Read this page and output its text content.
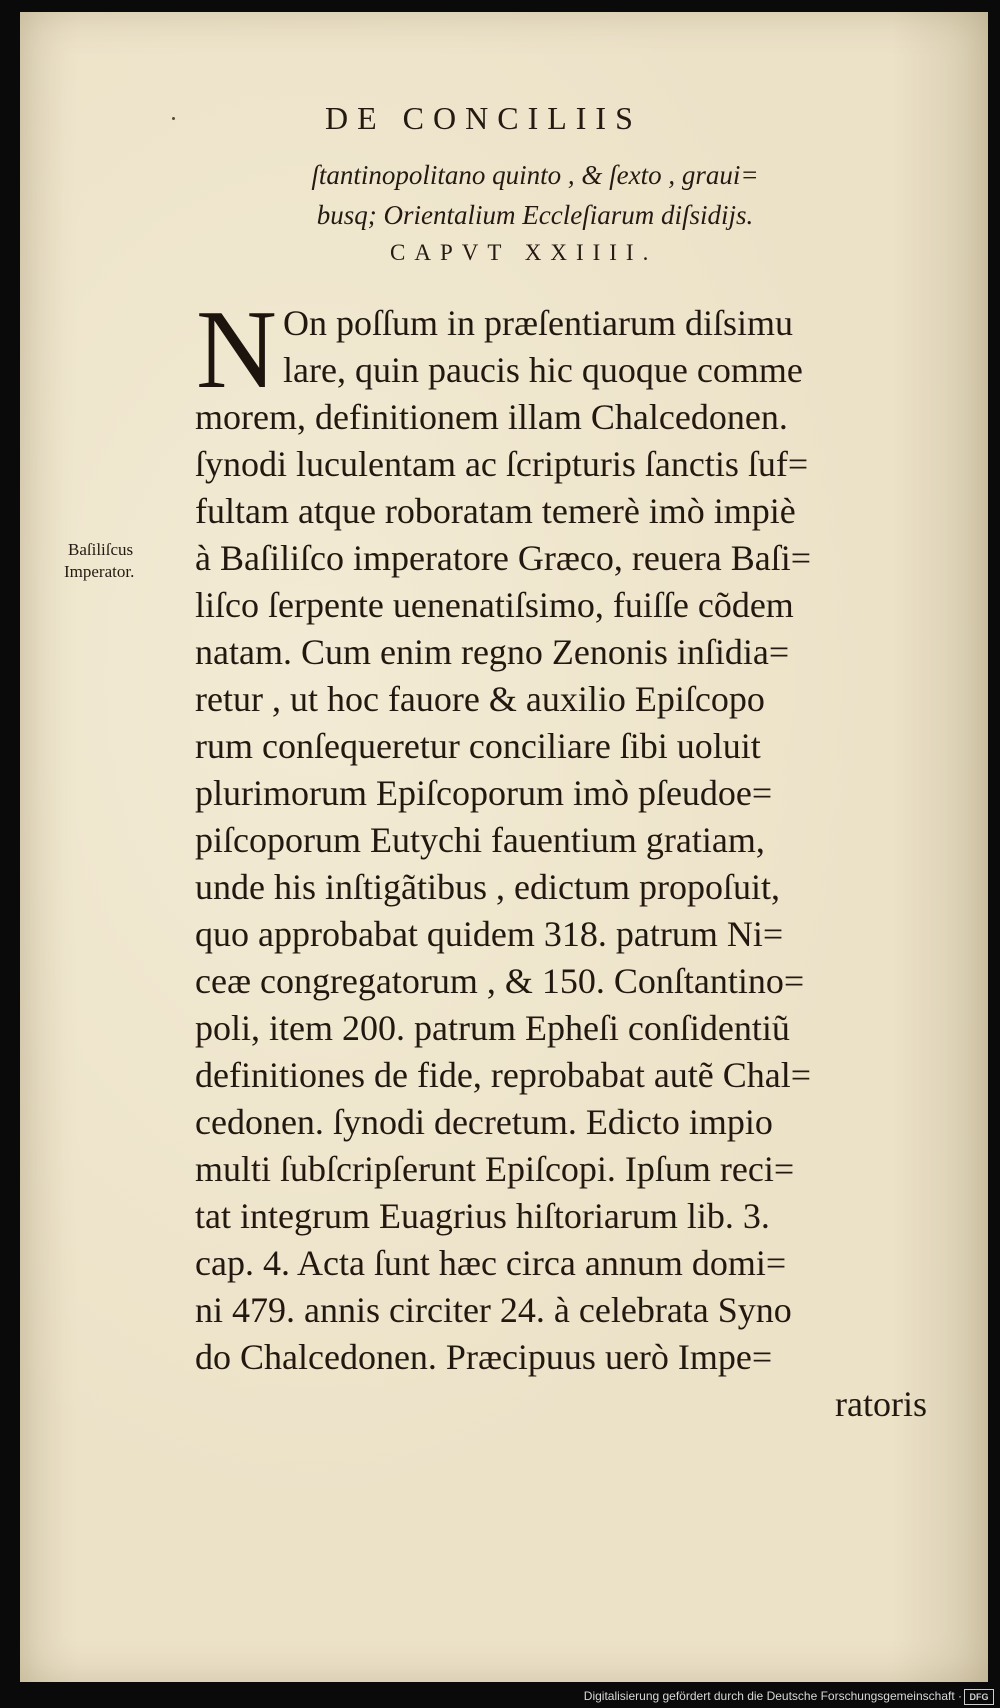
DE CONCILIIS
ſtantinopolitano quinto , & ſexto , graui=
busq; Orientalium Eccleſiarum diſsidijs.
CAPVT XXIIII.
Baſiliſcus
Imperator.
N On poſſum in præſentiarum diſsimu
lare, quin paucis hic quoque comme
morem, definitionem illam Chalcedonen.
ſynodi luculentam ac ſcripturis ſanctis ſuf=
fultam atque roboratam temerè imò impiè
à Baſiliſco imperatore Græco, reuera Baſi=
liſco ſerpente uenenatiſsimo, fuiſſe cõdem
natam. Cum enim regno Zenonis inſidia=
retur , ut hoc fauore & auxilio Epiſcopo
rum conſequeretur conciliare ſibi uoluit
plurimorum Epiſcoporum imò pſeudoe=
piſcoporum Eutychi fauentium gratiam,
unde his inſtigãtibus , edictum propoſuit,
quo approbabat quidem 318. patrum Ni=
ceæ congregatorum , & 150. Conſtantino=
poli, item 200. patrum Epheſi conſidentiũ
definitiones de fide, reprobabat autẽ Chal=
cedonen. ſynodi decretum. Edicto impio
multi ſubſcripſerunt Epiſcopi. Ipſum reci=
tat integrum Euagrius hiſtoriarum lib. 3.
cap. 4. Acta ſunt hæc circa annum domi=
ni 479. annis circiter 24. à celebrata Syno
do Chalcedonen. Præcipuus uerò Impe=
ratoris
Digitalisierung gefördert durch die Deutsche Forschungsgemeinschaft · DFG
